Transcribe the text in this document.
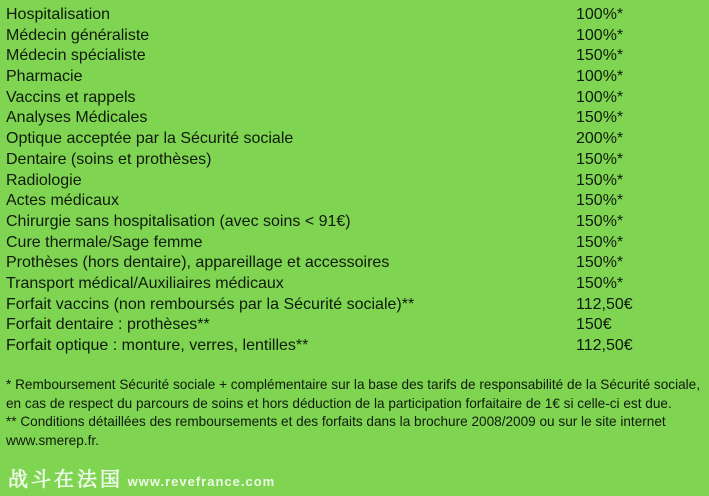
Hospitalisation	100%*
Médecin généraliste	100%*
Médecin spécialiste	150%*
Pharmacie	100%*
Vaccins et rappels	100%*
Analyses Médicales	150%*
Optique acceptée par la Sécurité sociale	200%*
Dentaire (soins et prothèses)	150%*
Radiologie	150%*
Actes médicaux	150%*
Chirurgie sans hospitalisation (avec soins < 91€)	150%*
Cure thermale/Sage femme	150%*
Prothèses (hors dentaire), appareillage et accessoires	150%*
Transport médical/Auxiliaires médicaux	150%*
Forfait vaccins (non remboursés par la Sécurité sociale)**	112,50€
Forfait dentaire : prothèses**	150€
Forfait optique : monture, verres, lentilles**	112,50€

* Remboursement Sécurité sociale + complémentaire sur la base des tarifs de responsabilité de la Sécurité sociale, en cas de respect du parcours de soins et hors déduction de la participation forfaitaire de 1€ si celle-ci est due.

** Conditions détaillées des remboursements et des forfaits dans la brochure 2008/2009 ou sur le site internet www.smerep.fr.

战斗在法国 www.revefrance.com
